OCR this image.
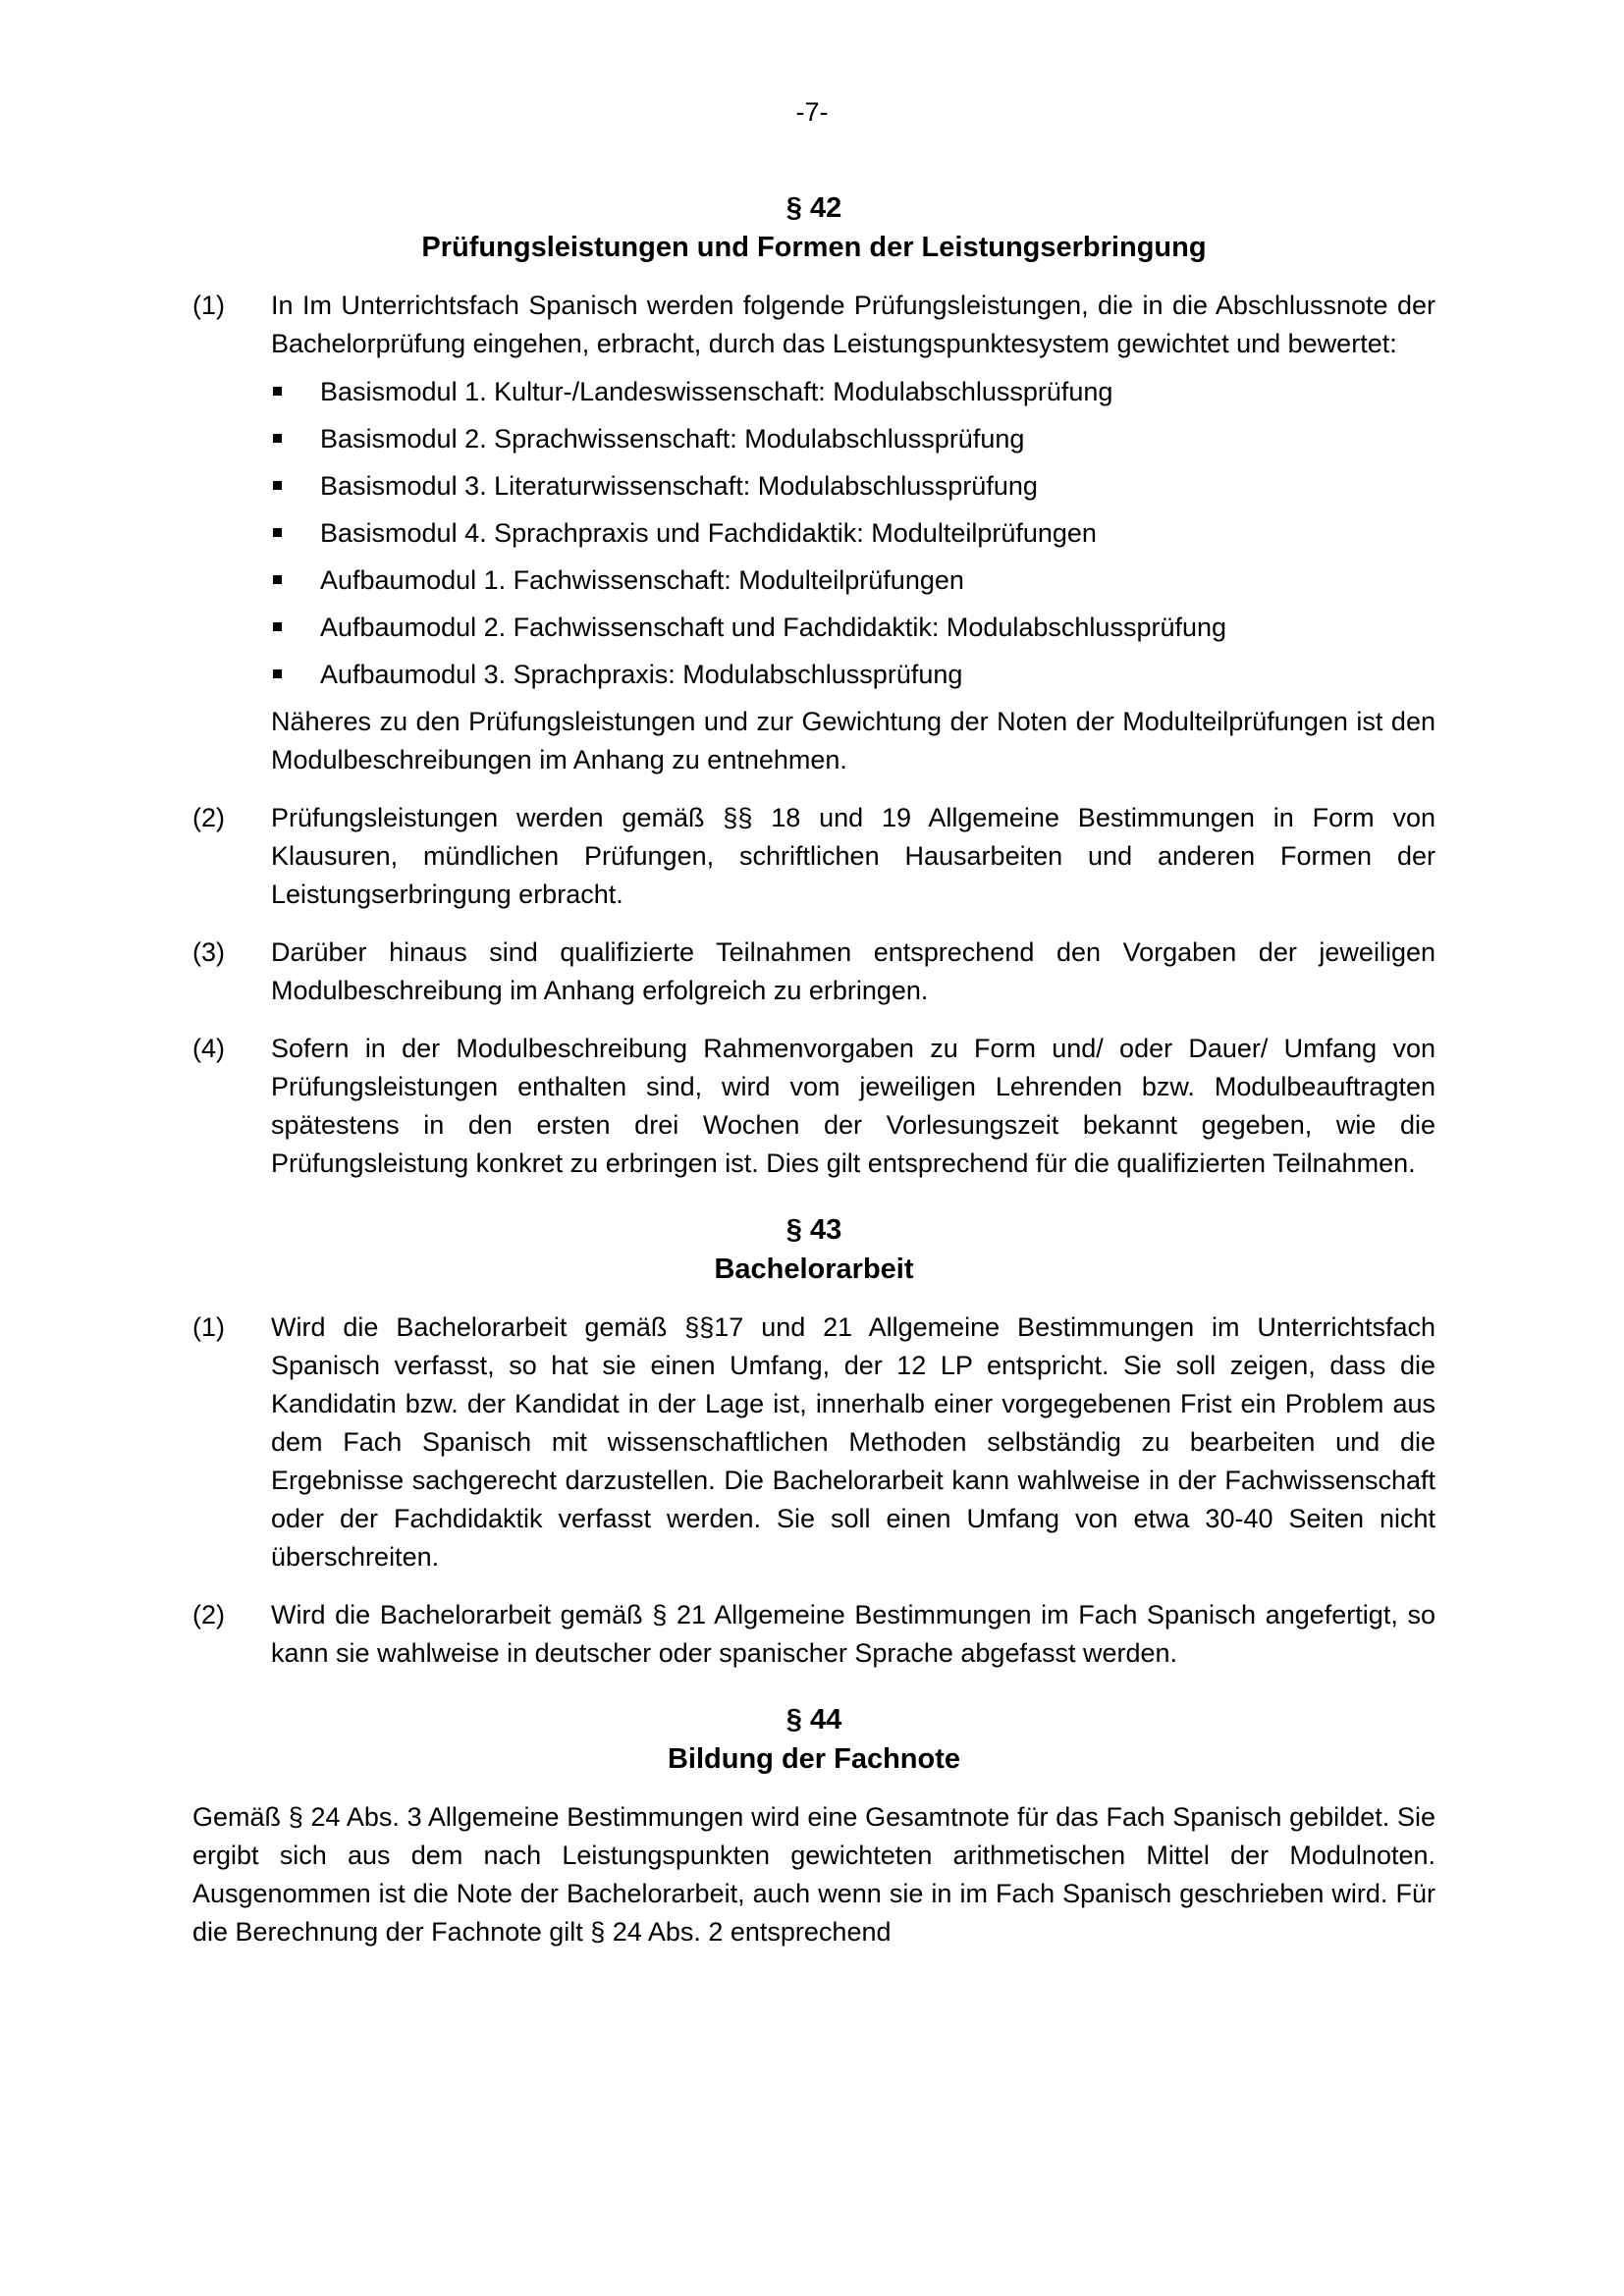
-7-

§ 42
Prüfungsleistungen und Formen der Leistungserbringung
(1) In Im Unterrichtsfach Spanisch werden folgende Prüfungsleistungen, die in die Abschlussnote der Bachelorprüfung eingehen, erbracht, durch das Leistungspunktesystem gewichtet und bewertet:

Basismodul 1. Kultur-/Landeswissenschaft: Modulabschlussprüfung
Basismodul 2. Sprachwissenschaft: Modulabschlussprüfung
Basismodul 3. Literaturwissenschaft: Modulabschlussprüfung
Basismodul 4. Sprachpraxis und Fachdidaktik: Modulteilprüfungen
Aufbaumodul 1. Fachwissenschaft: Modulteilprüfungen
Aufbaumodul 2. Fachwissenschaft und Fachdidaktik: Modulabschlussprüfung
Aufbaumodul 3. Sprachpraxis: Modulabschlussprüfung

Näheres zu den Prüfungsleistungen und zur Gewichtung der Noten der Modulteilprüfungen ist den Modulbeschreibungen im Anhang zu entnehmen.

(2) Prüfungsleistungen werden gemäß §§ 18 und 19 Allgemeine Bestimmungen in Form von Klausuren, mündlichen Prüfungen, schriftlichen Hausarbeiten und anderen Formen der Leistungserbringung erbracht.

(3) Darüber hinaus sind qualifizierte Teilnahmen entsprechend den Vorgaben der jeweiligen Modulbeschreibung im Anhang erfolgreich zu erbringen.

(4) Sofern in der Modulbeschreibung Rahmenvorgaben zu Form und/ oder Dauer/ Umfang von Prüfungsleistungen enthalten sind, wird vom jeweiligen Lehrenden bzw. Modulbeauftragten spätestens in den ersten drei Wochen der Vorlesungszeit bekannt gegeben, wie die Prüfungsleistung konkret zu erbringen ist. Dies gilt entsprechend für die qualifizierten Teilnahmen.

§ 43
Bachelorarbeit
(1) Wird die Bachelorarbeit gemäß §§17 und 21 Allgemeine Bestimmungen im Unterrichtsfach Spanisch verfasst, so hat sie einen Umfang, der 12 LP entspricht. Sie soll zeigen, dass die Kandidatin bzw. der Kandidat in der Lage ist, innerhalb einer vorgegebenen Frist ein Problem aus dem Fach Spanisch mit wissenschaftlichen Methoden selbständig zu bearbeiten und die Ergebnisse sachgerecht darzustellen. Die Bachelorarbeit kann wahlweise in der Fachwissenschaft oder der Fachdidaktik verfasst werden. Sie soll einen Umfang von etwa 30-40 Seiten nicht überschreiten.

(2) Wird die Bachelorarbeit gemäß § 21 Allgemeine Bestimmungen im Fach Spanisch angefertigt, so kann sie wahlweise in deutscher oder spanischer Sprache abgefasst werden.

§ 44
Bildung der Fachnote

Gemäß § 24 Abs. 3 Allgemeine Bestimmungen wird eine Gesamtnote für das Fach Spanisch gebildet. Sie ergibt sich aus dem nach Leistungspunkten gewichteten arithmetischen Mittel der Modulnoten. Ausgenommen ist die Note der Bachelorarbeit, auch wenn sie in im Fach Spanisch geschrieben wird. Für die Berechnung der Fachnote gilt § 24 Abs. 2 entsprechend
